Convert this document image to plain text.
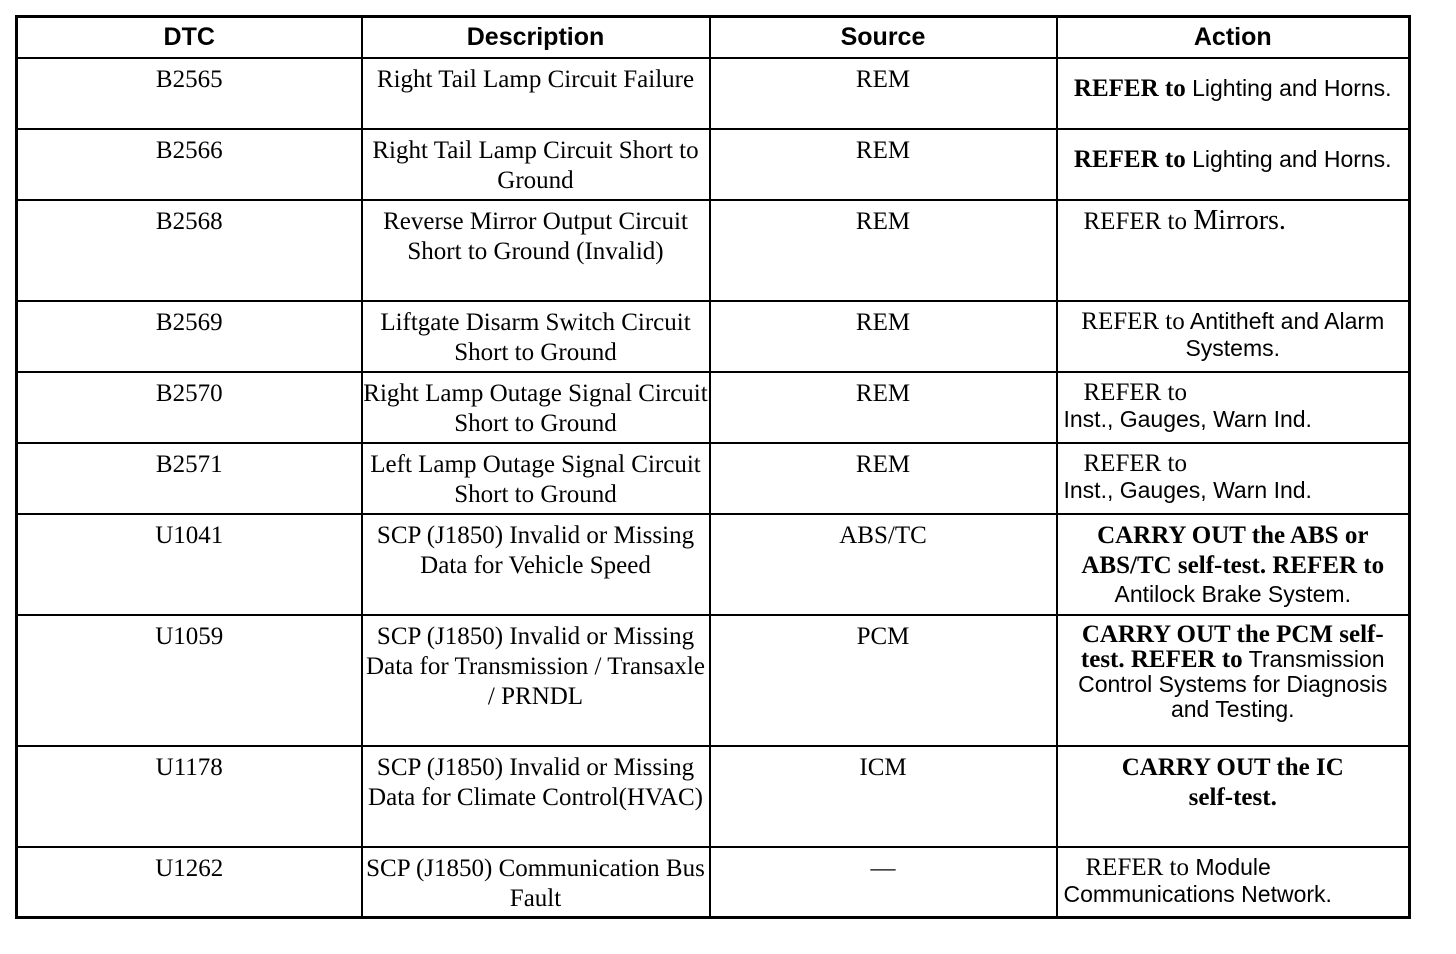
DTC	Description	Source	Action

B2565	Right Tail Lamp Circuit Failure	REM	REFER to Lighting and Horns.

B2566	Right Tail Lamp Circuit Short to Ground	REM	REFER to Lighting and Horns.

B2568	Reverse Mirror Output Circuit Short to Ground (Invalid)	REM	REFER to Mirrors.

B2569	Liftgate Disarm Switch Circuit Short to Ground	REM	REFER to Antitheft and Alarm Systems.

B2570	Right Lamp Outage Signal Circuit Short to Ground	REM	REFER to
Inst., Gauges, Warn Ind.

B2571	Left Lamp Outage Signal Circuit Short to Ground	REM	REFER to
Inst., Gauges, Warn Ind.

U1041	SCP (J1850) Invalid or Missing Data for Vehicle Speed	ABS/TC	CARRY OUT the ABS or ABS/TC self-test. REFER to Antilock Brake System.

U1059	SCP (J1850) Invalid or Missing Data for Transmission / Transaxle / PRNDL	PCM	CARRY OUT the PCM self-test. REFER to Transmission Control Systems for Diagnosis and Testing.

U1178	SCP (J1850) Invalid or Missing Data for Climate Control(HVAC)	ICM	CARRY OUT the IC self-test.

U1262	SCP (J1850) Communication Bus Fault	—	REFER to Module Communications Network.
